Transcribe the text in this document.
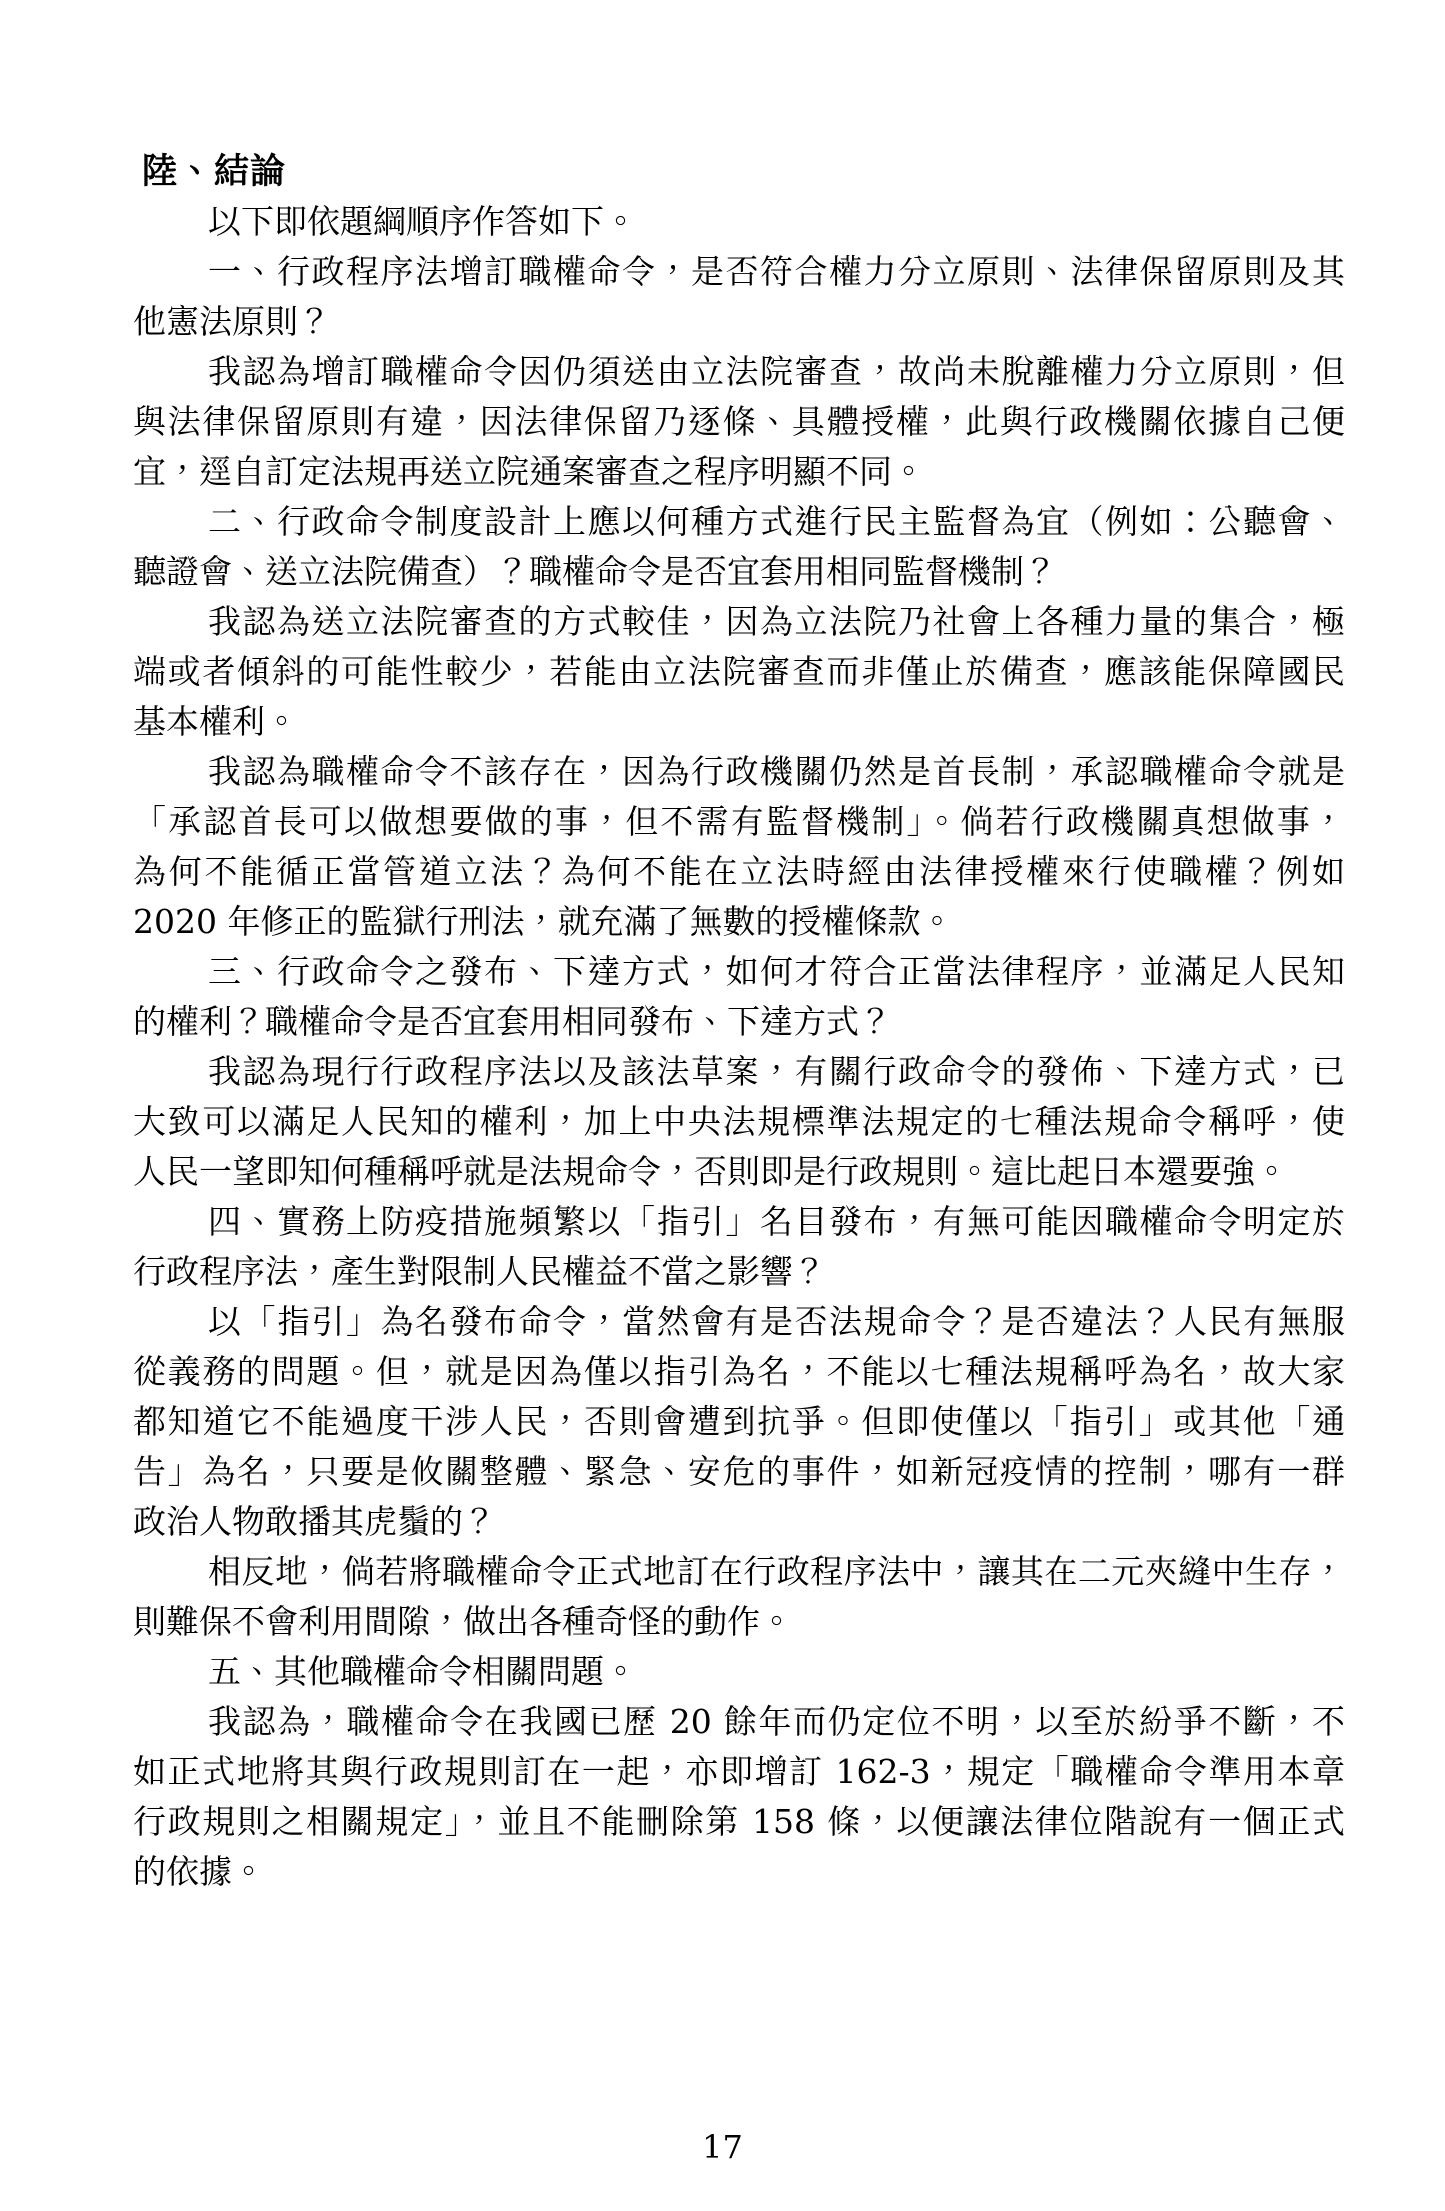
陸、結論
以下即依題綱順序作答如下。
一、行政程序法增訂職權命令，是否符合權力分立原則、法律保留原則及其
他憲法原則？
我認為增訂職權命令因仍須送由立法院審查，故尚未脫離權力分立原則，但
與法律保留原則有違，因法律保留乃逐條、具體授權，此與行政機關依據自己便
宜，逕自訂定法規再送立院通案審查之程序明顯不同。
二、行政命令制度設計上應以何種方式進行民主監督為宜（例如：公聽會、
聽證會、送立法院備查）？職權命令是否宜套用相同監督機制？
我認為送立法院審查的方式較佳，因為立法院乃社會上各種力量的集合，極
端或者傾斜的可能性較少，若能由立法院審查而非僅止於備查，應該能保障國民
基本權利。
我認為職權命令不該存在，因為行政機關仍然是首長制，承認職權命令就是
「承認首長可以做想要做的事，但不需有監督機制」。倘若行政機關真想做事，
為何不能循正當管道立法？為何不能在立法時經由法律授權來行使職權？例如
2020 年修正的監獄行刑法，就充滿了無數的授權條款。
三、行政命令之發布、下達方式，如何才符合正當法律程序，並滿足人民知
的權利？職權命令是否宜套用相同發布、下達方式？
我認為現行行政程序法以及該法草案，有關行政命令的發佈、下達方式，已
大致可以滿足人民知的權利，加上中央法規標準法規定的七種法規命令稱呼，使
人民一望即知何種稱呼就是法規命令，否則即是行政規則。這比起日本還要強。
四、實務上防疫措施頻繁以「指引」名目發布，有無可能因職權命令明定於
行政程序法，產生對限制人民權益不當之影響？
以「指引」為名發布命令，當然會有是否法規命令？是否違法？人民有無服
從義務的問題。但，就是因為僅以指引為名，不能以七種法規稱呼為名，故大家
都知道它不能過度干涉人民，否則會遭到抗爭。但即使僅以「指引」或其他「通
告」為名，只要是攸關整體、緊急、安危的事件，如新冠疫情的控制，哪有一群
政治人物敢播其虎鬚的？
相反地，倘若將職權命令正式地訂在行政程序法中，讓其在二元夾縫中生存，
則難保不會利用間隙，做出各種奇怪的動作。
五、其他職權命令相關問題。
我認為，職權命令在我國已歷 20 餘年而仍定位不明，以至於紛爭不斷，不
如正式地將其與行政規則訂在一起，亦即增訂 162-3，規定「職權命令準用本章
行政規則之相關規定」，並且不能刪除第 158 條，以便讓法律位階說有一個正式
的依據。
17
